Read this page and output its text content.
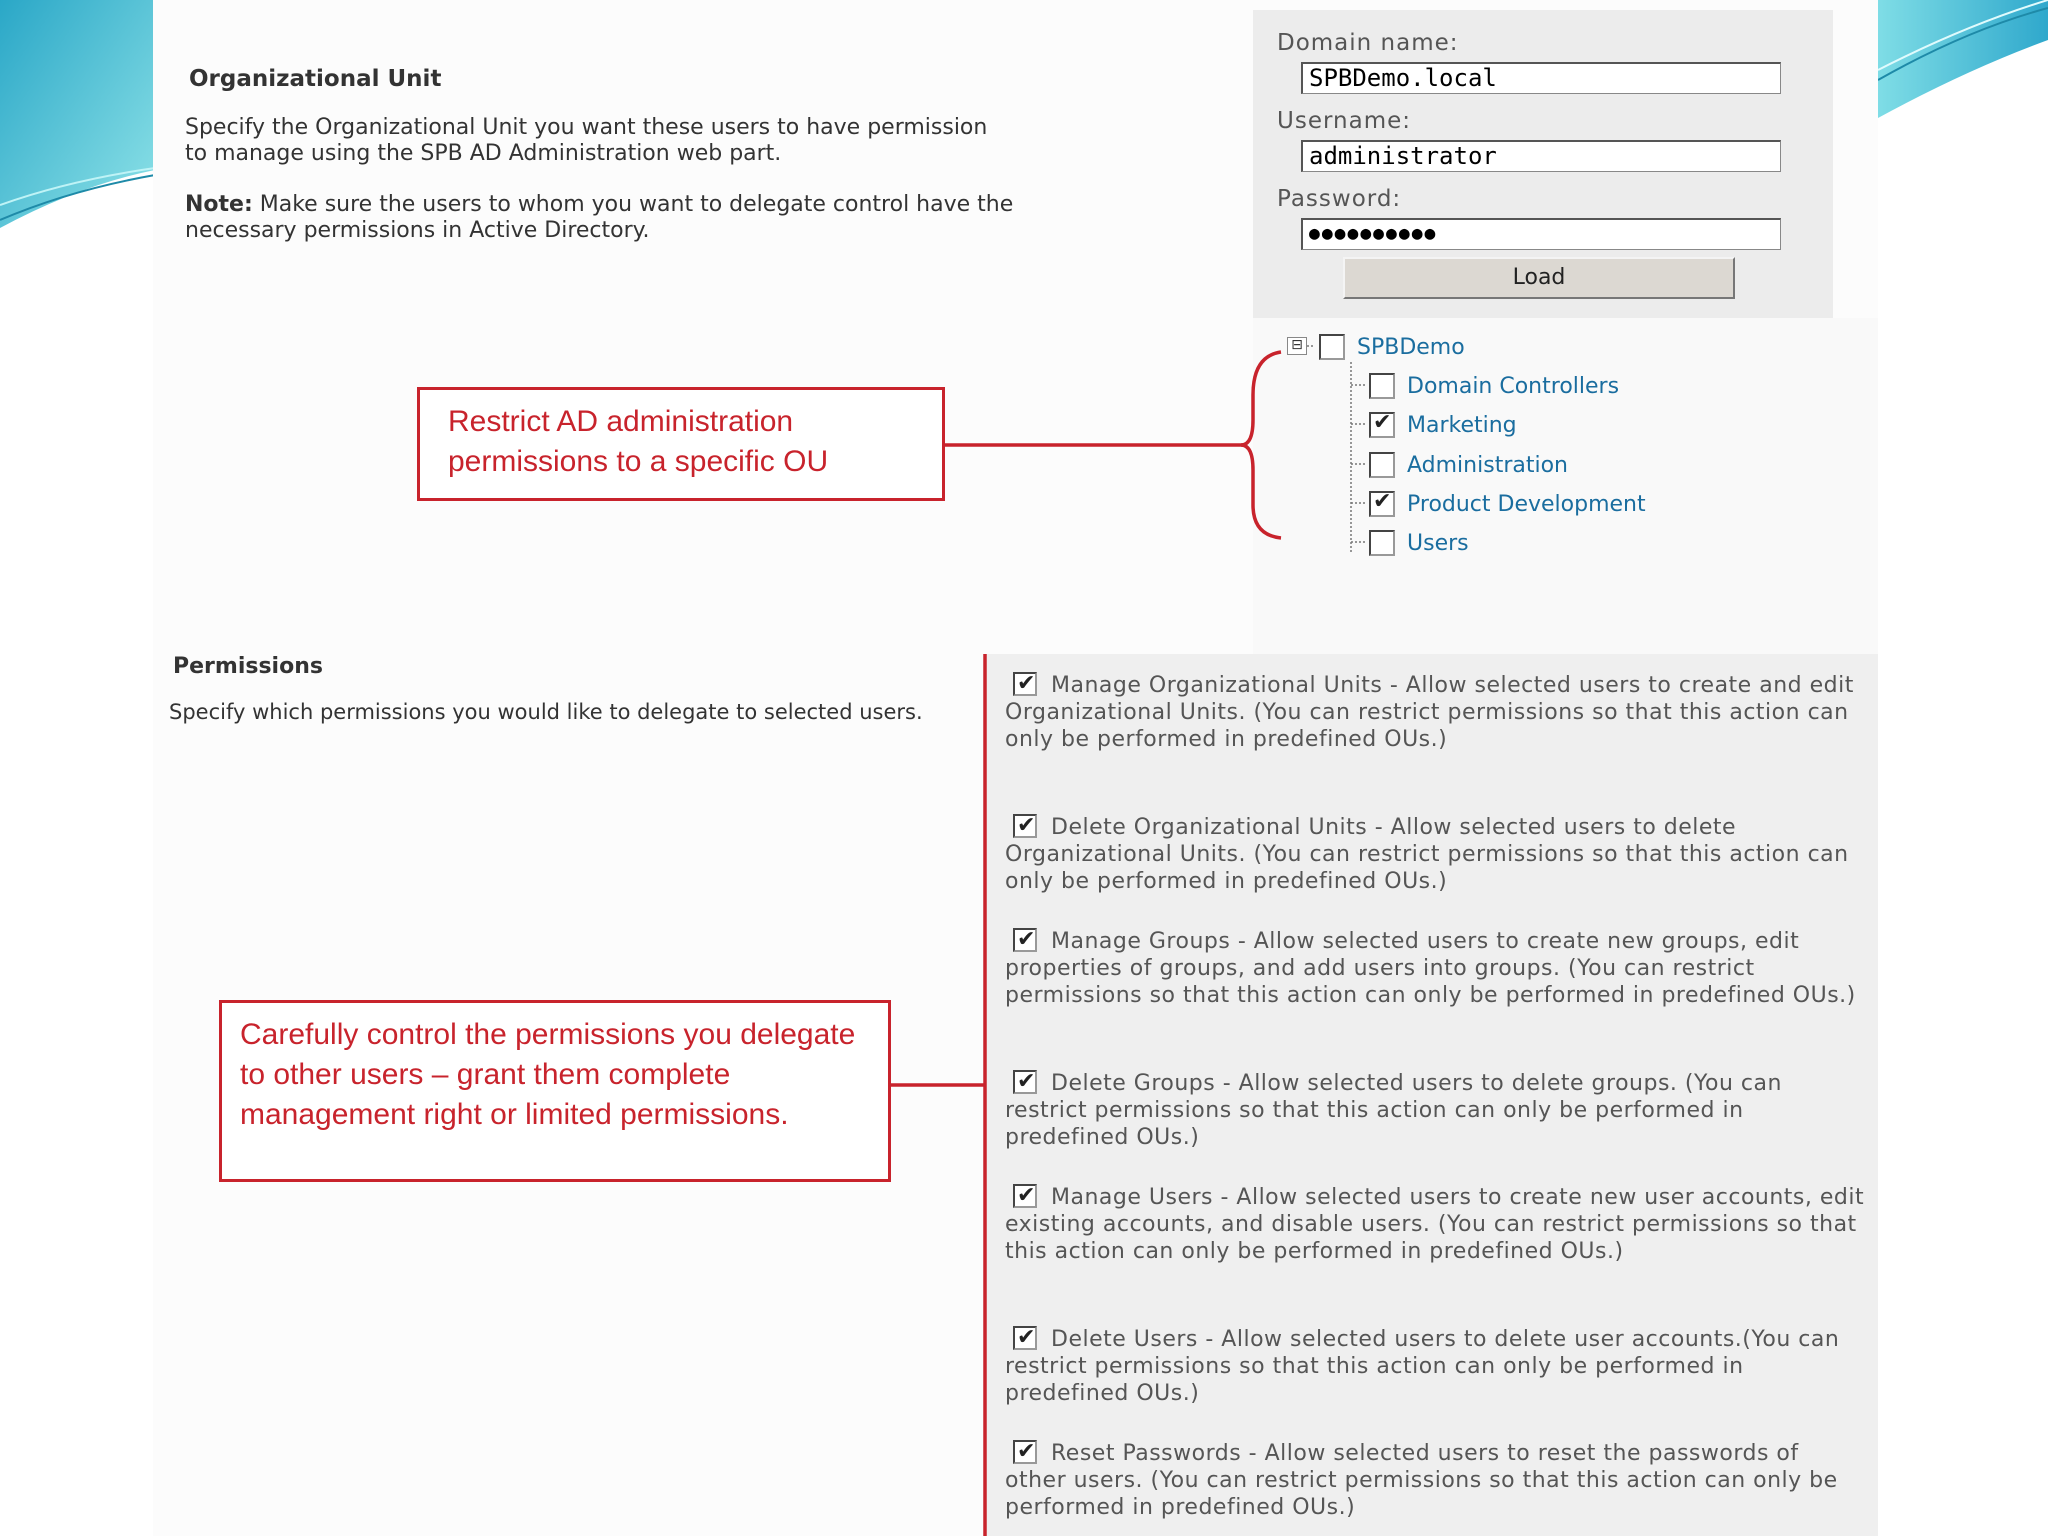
Organizational Unit
Specify the Organizational Unit you want these users to have permission to manage using the SPB AD Administration web part.
Note: Make sure the users to whom you want to delegate control have the necessary permissions in Active Directory.
Domain name:
SPBDemo.local
Username:
administrator
Password:
●●●●●●●●●●
Load
⊟ SPBDemo
Domain Controllers
✔
Marketing
Administration
✔
Product Development
Users
Permissions
Specify which permissions you would like to delegate to selected users.
✔
Manage Organizational Units - Allow selected users to create and edit Organizational Units. (You can restrict permissions so that this action can only be performed in predefined OUs.)
✔
Delete Organizational Units - Allow selected users to delete Organizational Units. (You can restrict permissions so that this action can only be performed in predefined OUs.)
✔
Manage Groups - Allow selected users to create new groups, edit properties of groups, and add users into groups. (You can restrict permissions so that this action can only be performed in predefined OUs.)
✔
Delete Groups - Allow selected users to delete groups. (You can restrict permissions so that this action can only be performed in predefined OUs.)
✔
Manage Users - Allow selected users to create new user accounts, edit existing accounts, and disable users. (You can restrict permissions so that this action can only be performed in predefined OUs.)
✔
Delete Users - Allow selected users to delete user accounts.(You can restrict permissions so that this action can only be performed in predefined OUs.)
✔
Reset Passwords - Allow selected users to reset the passwords of other users. (You can restrict permissions so that this action can only be performed in predefined OUs.)
Restrict AD administration permissions to a specific OU
Carefully control the permissions you delegate to other users – grant them complete management right or limited permissions.
